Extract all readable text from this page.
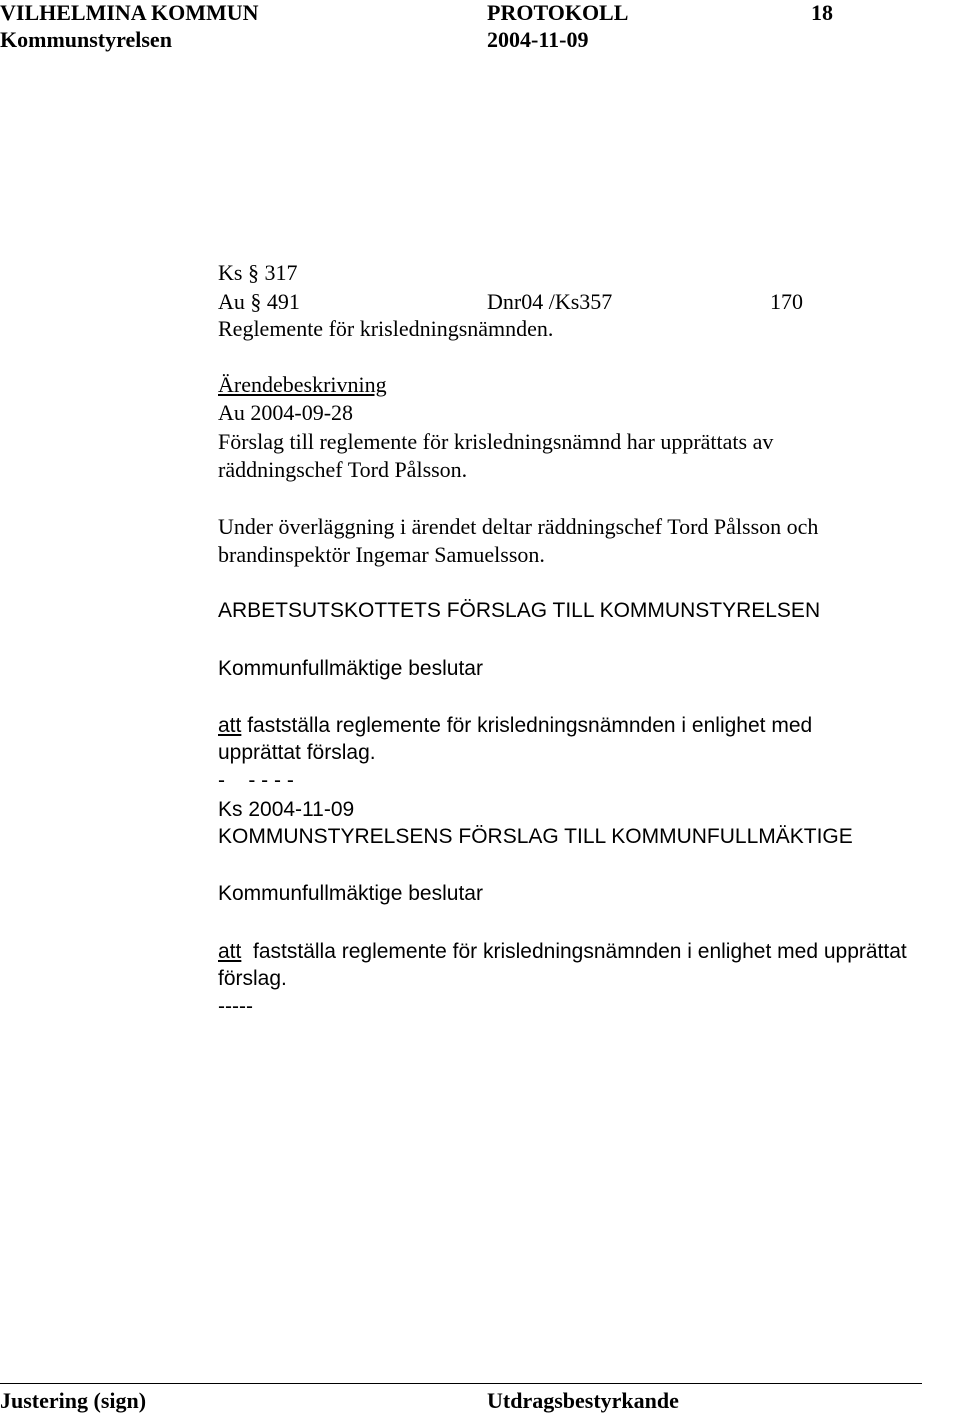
VILHELMINA KOMMUN	PROTOKOLL	18
Kommunstyrelsen	2004-11-09
Ks § 317
Au § 491	Dnr04 /Ks357	170
Reglemente för krisledningsnämnden.
Ärendebeskrivning
Au 2004-09-28
Förslag till reglemente för krisledningsnämnd har upprättats av
räddningschef Tord Pålsson.
Under överläggning i ärendet deltar räddningschef Tord Pålsson och
brandinspektör Ingemar Samuelsson.
ARBETSUTSKOTTETS FÖRSLAG TILL KOMMUNSTYRELSEN
Kommunfullmäktige beslutar
att fastställa reglemente för krisledningsnämnden i enlighet med
upprättat förslag.
-    - - - -
Ks 2004-11-09
KOMMUNSTYRELSENS FÖRSLAG TILL KOMMUNFULLMÄKTIGE
Kommunfullmäktige beslutar
att  fastställa reglemente för krisledningsnämnden i enlighet med upprättat
förslag.
-----
Justering (sign)	Utdragsbestyrkande
